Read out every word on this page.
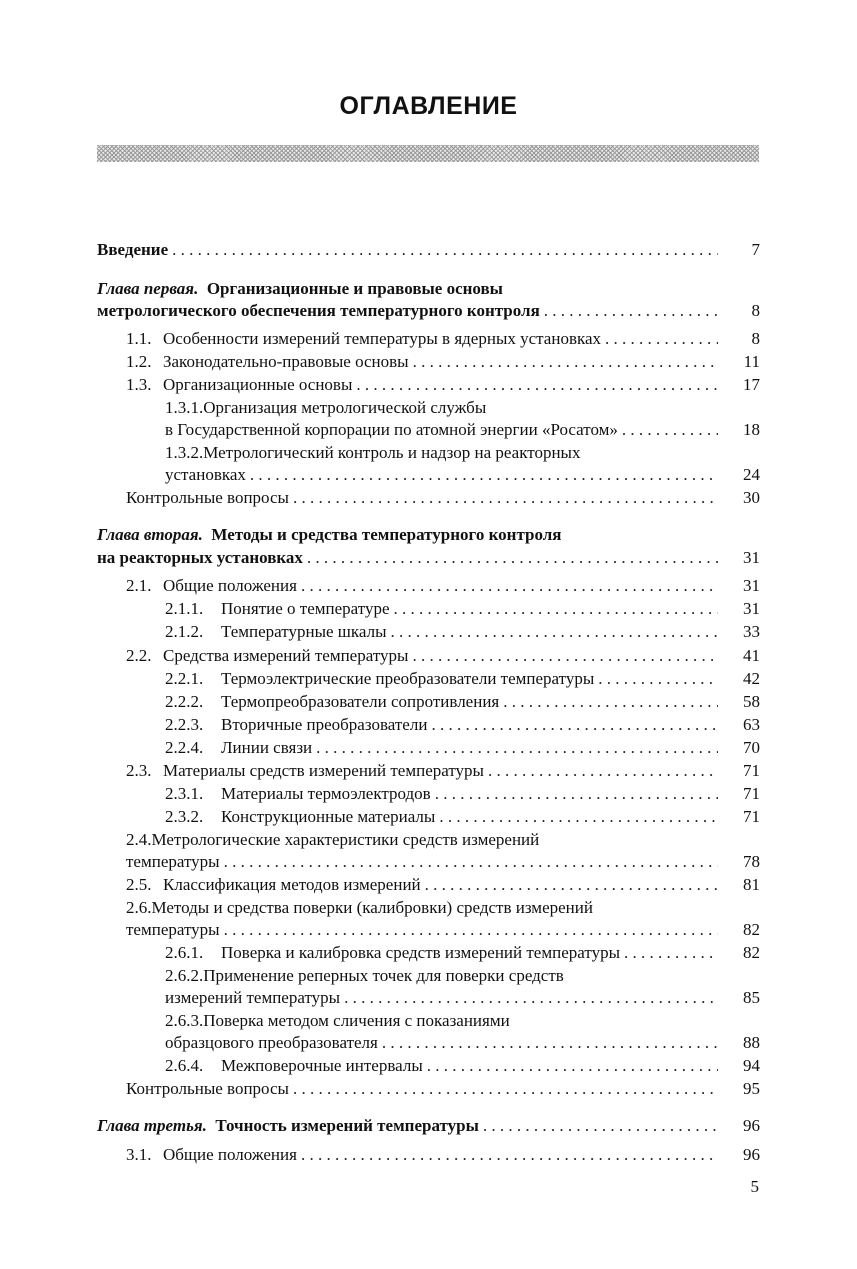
ОГЛАВЛЕНИЕ
Введение . . .	7
Глава первая. Организационные и правовые основы
метрологического обеспечения температурного контроля . . .	8
1.1. Особенности измерений температуры в ядерных установках . . .	8
1.2. Законодательно-правовые основы . . .	11
1.3. Организационные основы . . .	17
1.3.1.Организация метрологической службы
в Государственной корпорации по атомной энергии «Росатом» . . .	18
1.3.2.Метрологический контроль и надзор на реакторных
установках . . .	24
Контрольные вопросы . . .	30
Глава вторая. Методы и средства температурного контроля
на реакторных установках . . .	31
2.1. Общие положения . . .	31
2.1.1. Понятие о температуре . . .	31
2.1.2. Температурные шкалы . . .	33
2.2. Средства измерений температуры . . .	41
2.2.1. Термоэлектрические преобразователи температуры . . .	42
2.2.2. Термопреобразователи сопротивления . . .	58
2.2.3. Вторичные преобразователи . . .	63
2.2.4. Линии связи . . .	70
2.3. Материалы средств измерений температуры . . .	71
2.3.1. Материалы термоэлектродов . . .	71
2.3.2. Конструкционные материалы . . .	71
2.4.Метрологические характеристики средств измерений
температуры . . .	78
2.5. Классификация методов измерений . . .	81
2.6.Методы и средства поверки (калибровки) средств измерений
температуры . . .	82
2.6.1. Поверка и калибровка средств измерений температуры . . .	82
2.6.2.Применение реперных точек для поверки средств
измерений температуры . . .	85
2.6.3.Поверка методом сличения с показаниями
образцового преобразователя . . .	88
2.6.4. Межповерочные интервалы . . .	94
Контрольные вопросы . . .	95
Глава третья. Точность измерений температуры . . .	96
3.1. Общие положения . . .	96
5
